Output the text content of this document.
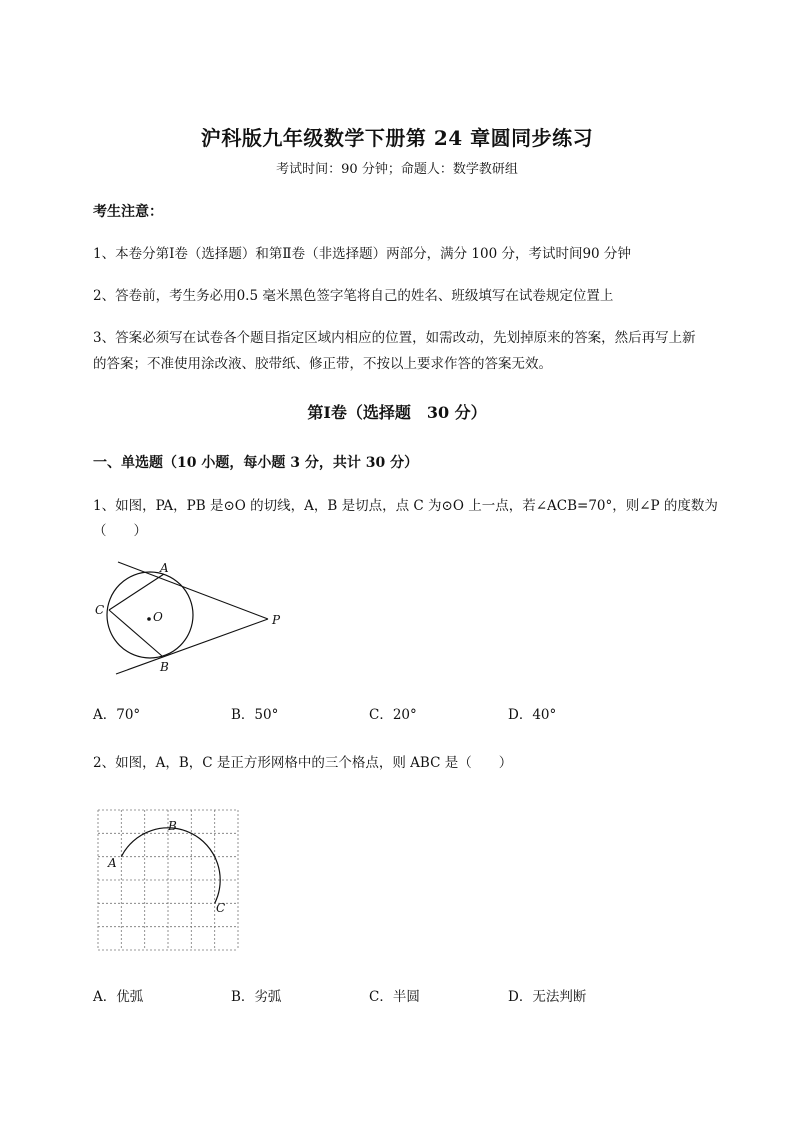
沪科版九年级数学下册第 24 章圆同步练习
考试时间：90 分钟；命题人：数学教研组
考生注意：
1、本卷分第Ⅰ卷（选择题）和第Ⅱ卷（非选择题）两部分，满分 100 分，考试时间90 分钟
2、答卷前，考生务必用0.5 毫米黑色签字笔将自己的姓名、班级填写在试卷规定位置上
3、答案必须写在试卷各个题目指定区域内相应的位置，如需改动，先划掉原来的答案，然后再写上新
的答案；不准使用涂改液、胶带纸、修正带，不按以上要求作答的答案无效。
第Ⅰ卷（选择题　30 分）
一、单选题（10 小题，每小题 3 分，共计 30 分）
1、如图，PA，PB 是⊙O 的切线，A，B 是切点，点 C 为⊙O 上一点，若∠ACB=70°，则∠P 的度数为
（　　）
A
B
C	O	P
A．70°	B．50°	C．20°	D．40°
2、如图，A，B，C 是正方形网格中的三个格点，则 ABC 是（　　）
B
A
C
A．优弧	B．劣弧	C．半圆	D．无法判断
